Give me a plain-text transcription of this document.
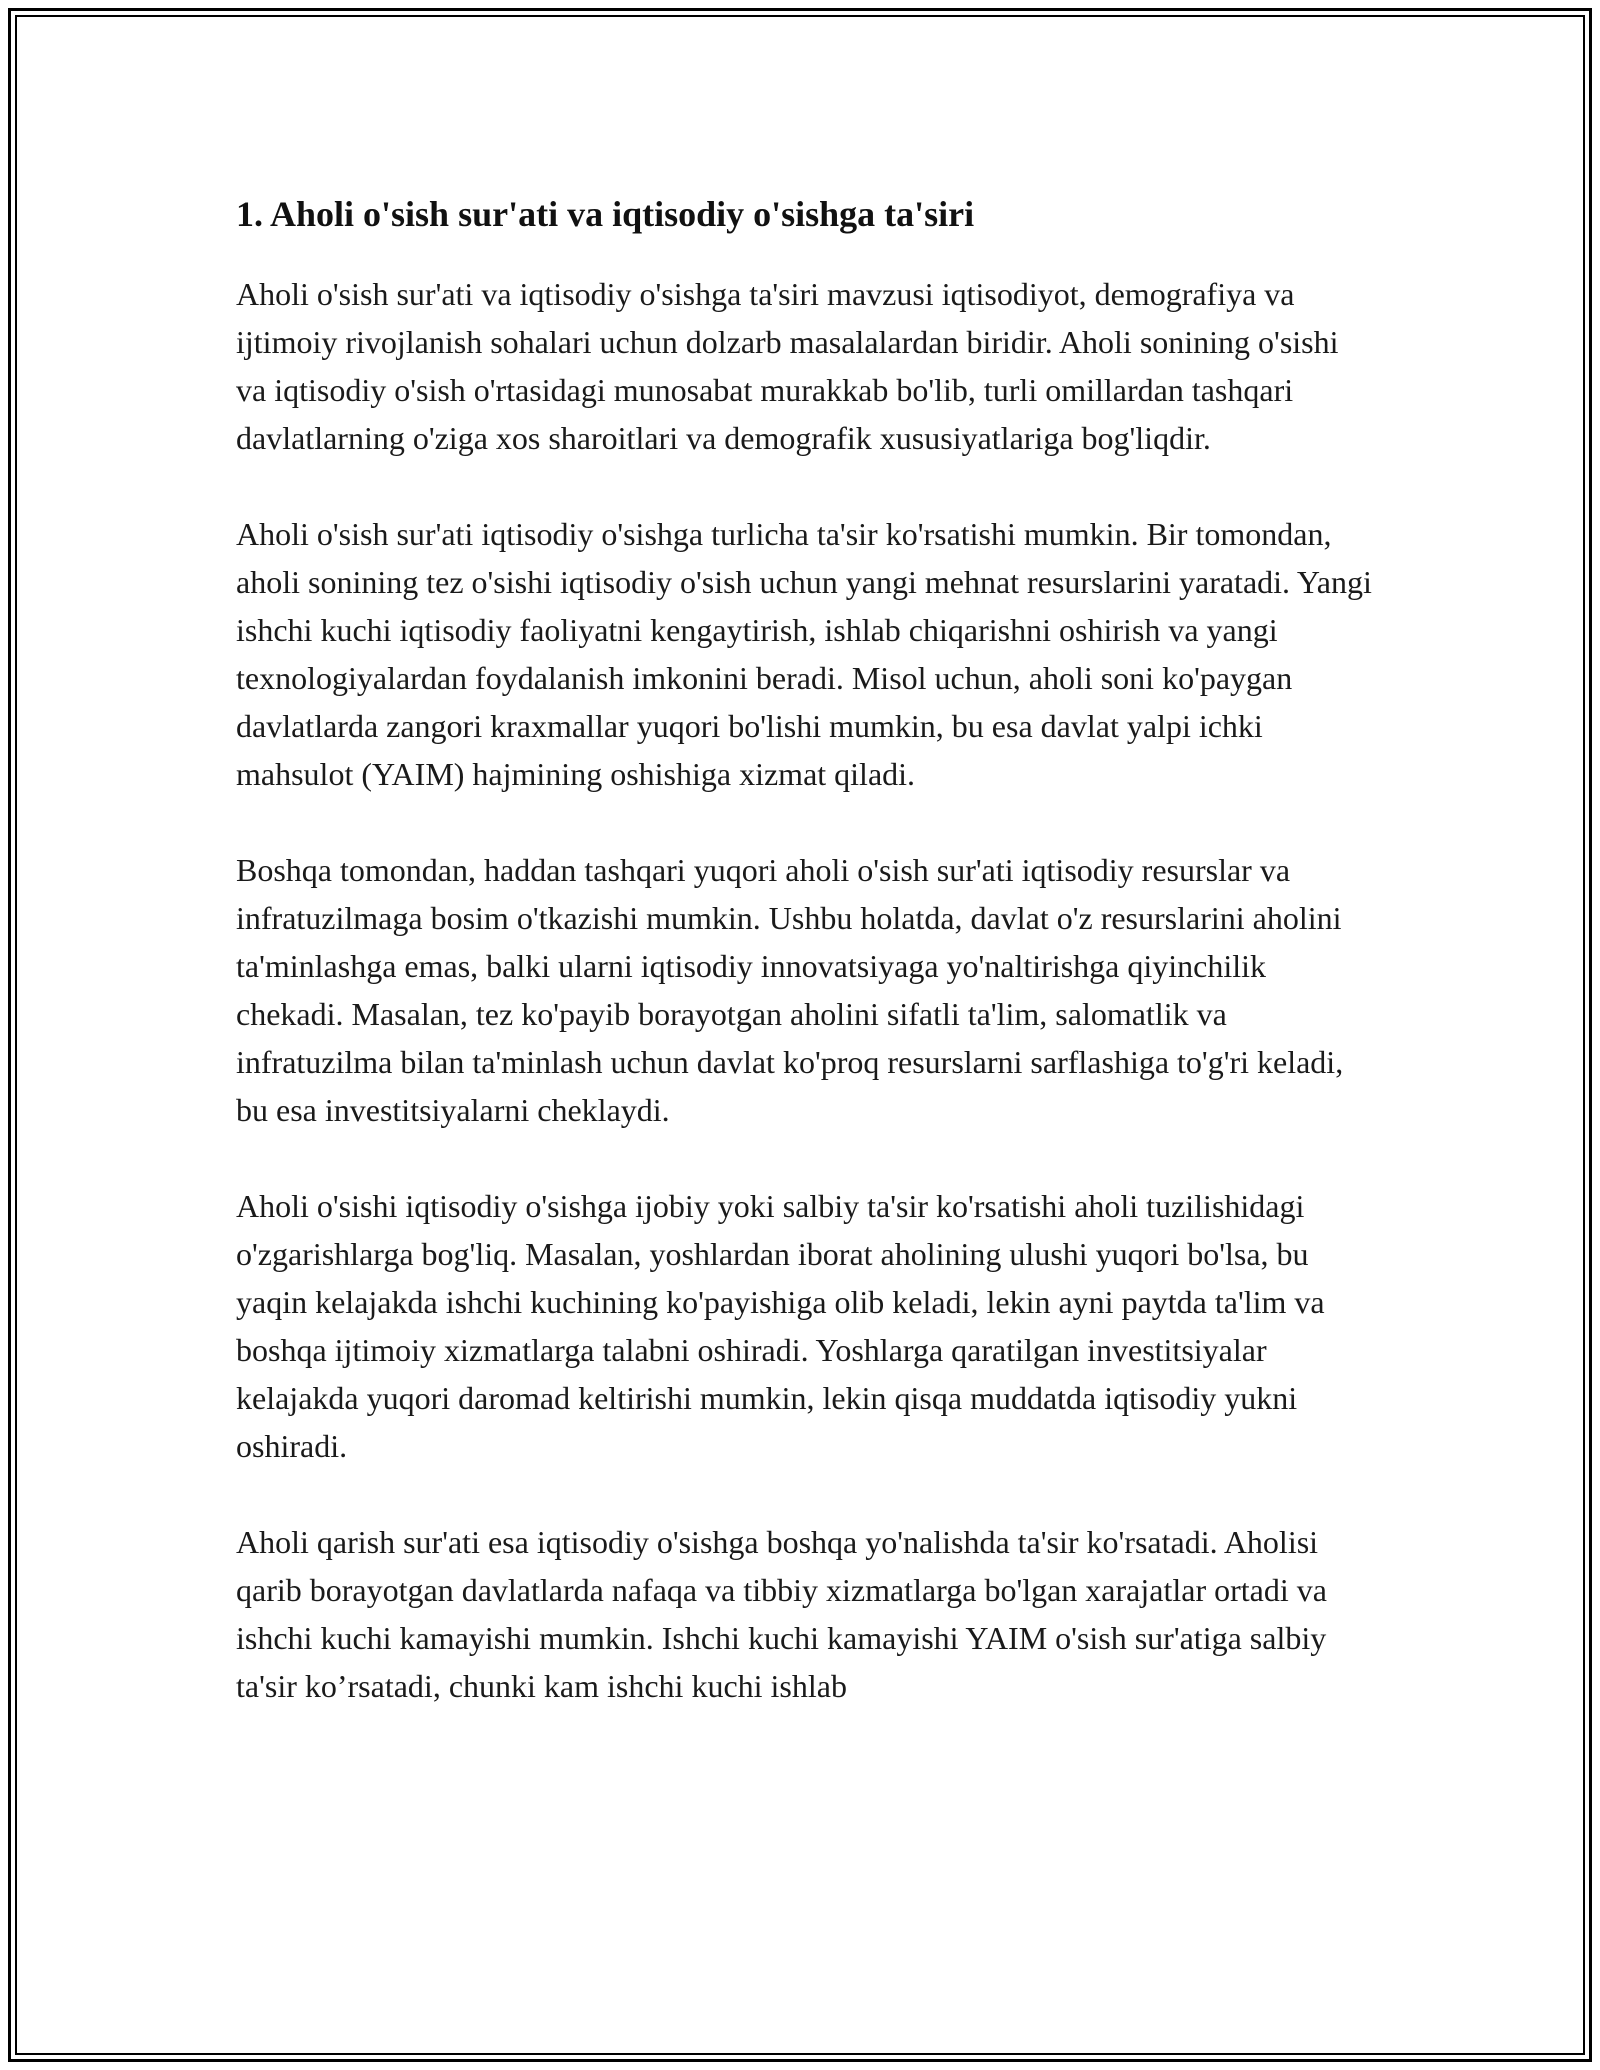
1. Aholi o'sish sur'ati va iqtisodiy o'sishga ta'siri

Aholi o'sish sur'ati va iqtisodiy o'sishga ta'siri mavzusi iqtisodiyot, demografiya va ijtimoiy rivojlanish sohalari uchun dolzarb masalalardan biridir. Aholi sonining o'sishi va iqtisodiy o'sish o'rtasidagi munosabat murakkab bo'lib, turli omillardan tashqari davlatlarning o'ziga xos sharoitlari va demografik xususiyatlariga bog'liqdir.

Aholi o'sish sur'ati iqtisodiy o'sishga turlicha ta'sir ko'rsatishi mumkin. Bir tomondan, aholi sonining tez o'sishi iqtisodiy o'sish uchun yangi mehnat resurslarini yaratadi. Yangi ishchi kuchi iqtisodiy faoliyatni kengaytirish, ishlab chiqarishni oshirish va yangi texnologiyalardan foydalanish imkonini beradi. Misol uchun, aholi soni ko'paygan davlatlarda zangori kraxmallar yuqori bo'lishi mumkin, bu esa davlat yalpi ichki mahsulot (YAIM) hajmining oshishiga xizmat qiladi.

Boshqa tomondan, haddan tashqari yuqori aholi o'sish sur'ati iqtisodiy resurslar va infratuzilmaga bosim o'tkazishi mumkin. Ushbu holatda, davlat o'z resurslarini aholini ta'minlashga emas, balki ularni iqtisodiy innovatsiyaga yo'naltirishga qiyinchilik chekadi. Masalan, tez ko'payib borayotgan aholini sifatli ta'lim, salomatlik va infratuzilma bilan ta'minlash uchun davlat ko'proq resurslarni sarflashiga to'g'ri keladi, bu esa investitsiyalarni cheklaydi.

Aholi o'sishi iqtisodiy o'sishga ijobiy yoki salbiy ta'sir ko'rsatishi aholi tuzilishidagi o'zgarishlarga bog'liq. Masalan, yoshlardan iborat aholining ulushi yuqori bo'lsa, bu yaqin kelajakda ishchi kuchining ko'payishiga olib keladi, lekin ayni paytda ta'lim va boshqa ijtimoiy xizmatlarga talabni oshiradi. Yoshlarga qaratilgan investitsiyalar kelajakda yuqori daromad keltirishi mumkin, lekin qisqa muddatda iqtisodiy yukni oshiradi.

Aholi qarish sur'ati esa iqtisodiy o'sishga boshqa yo'nalishda ta'sir ko'rsatadi. Aholisi qarib borayotgan davlatlarda nafaqa va tibbiy xizmatlarga bo'lgan xarajatlar ortadi va ishchi kuchi kamayishi mumkin. Ishchi kuchi kamayishi YAIM o'sish sur'atiga salbiy ta'sir ko’rsatadi, chunki kam ishchi kuchi ishlab
